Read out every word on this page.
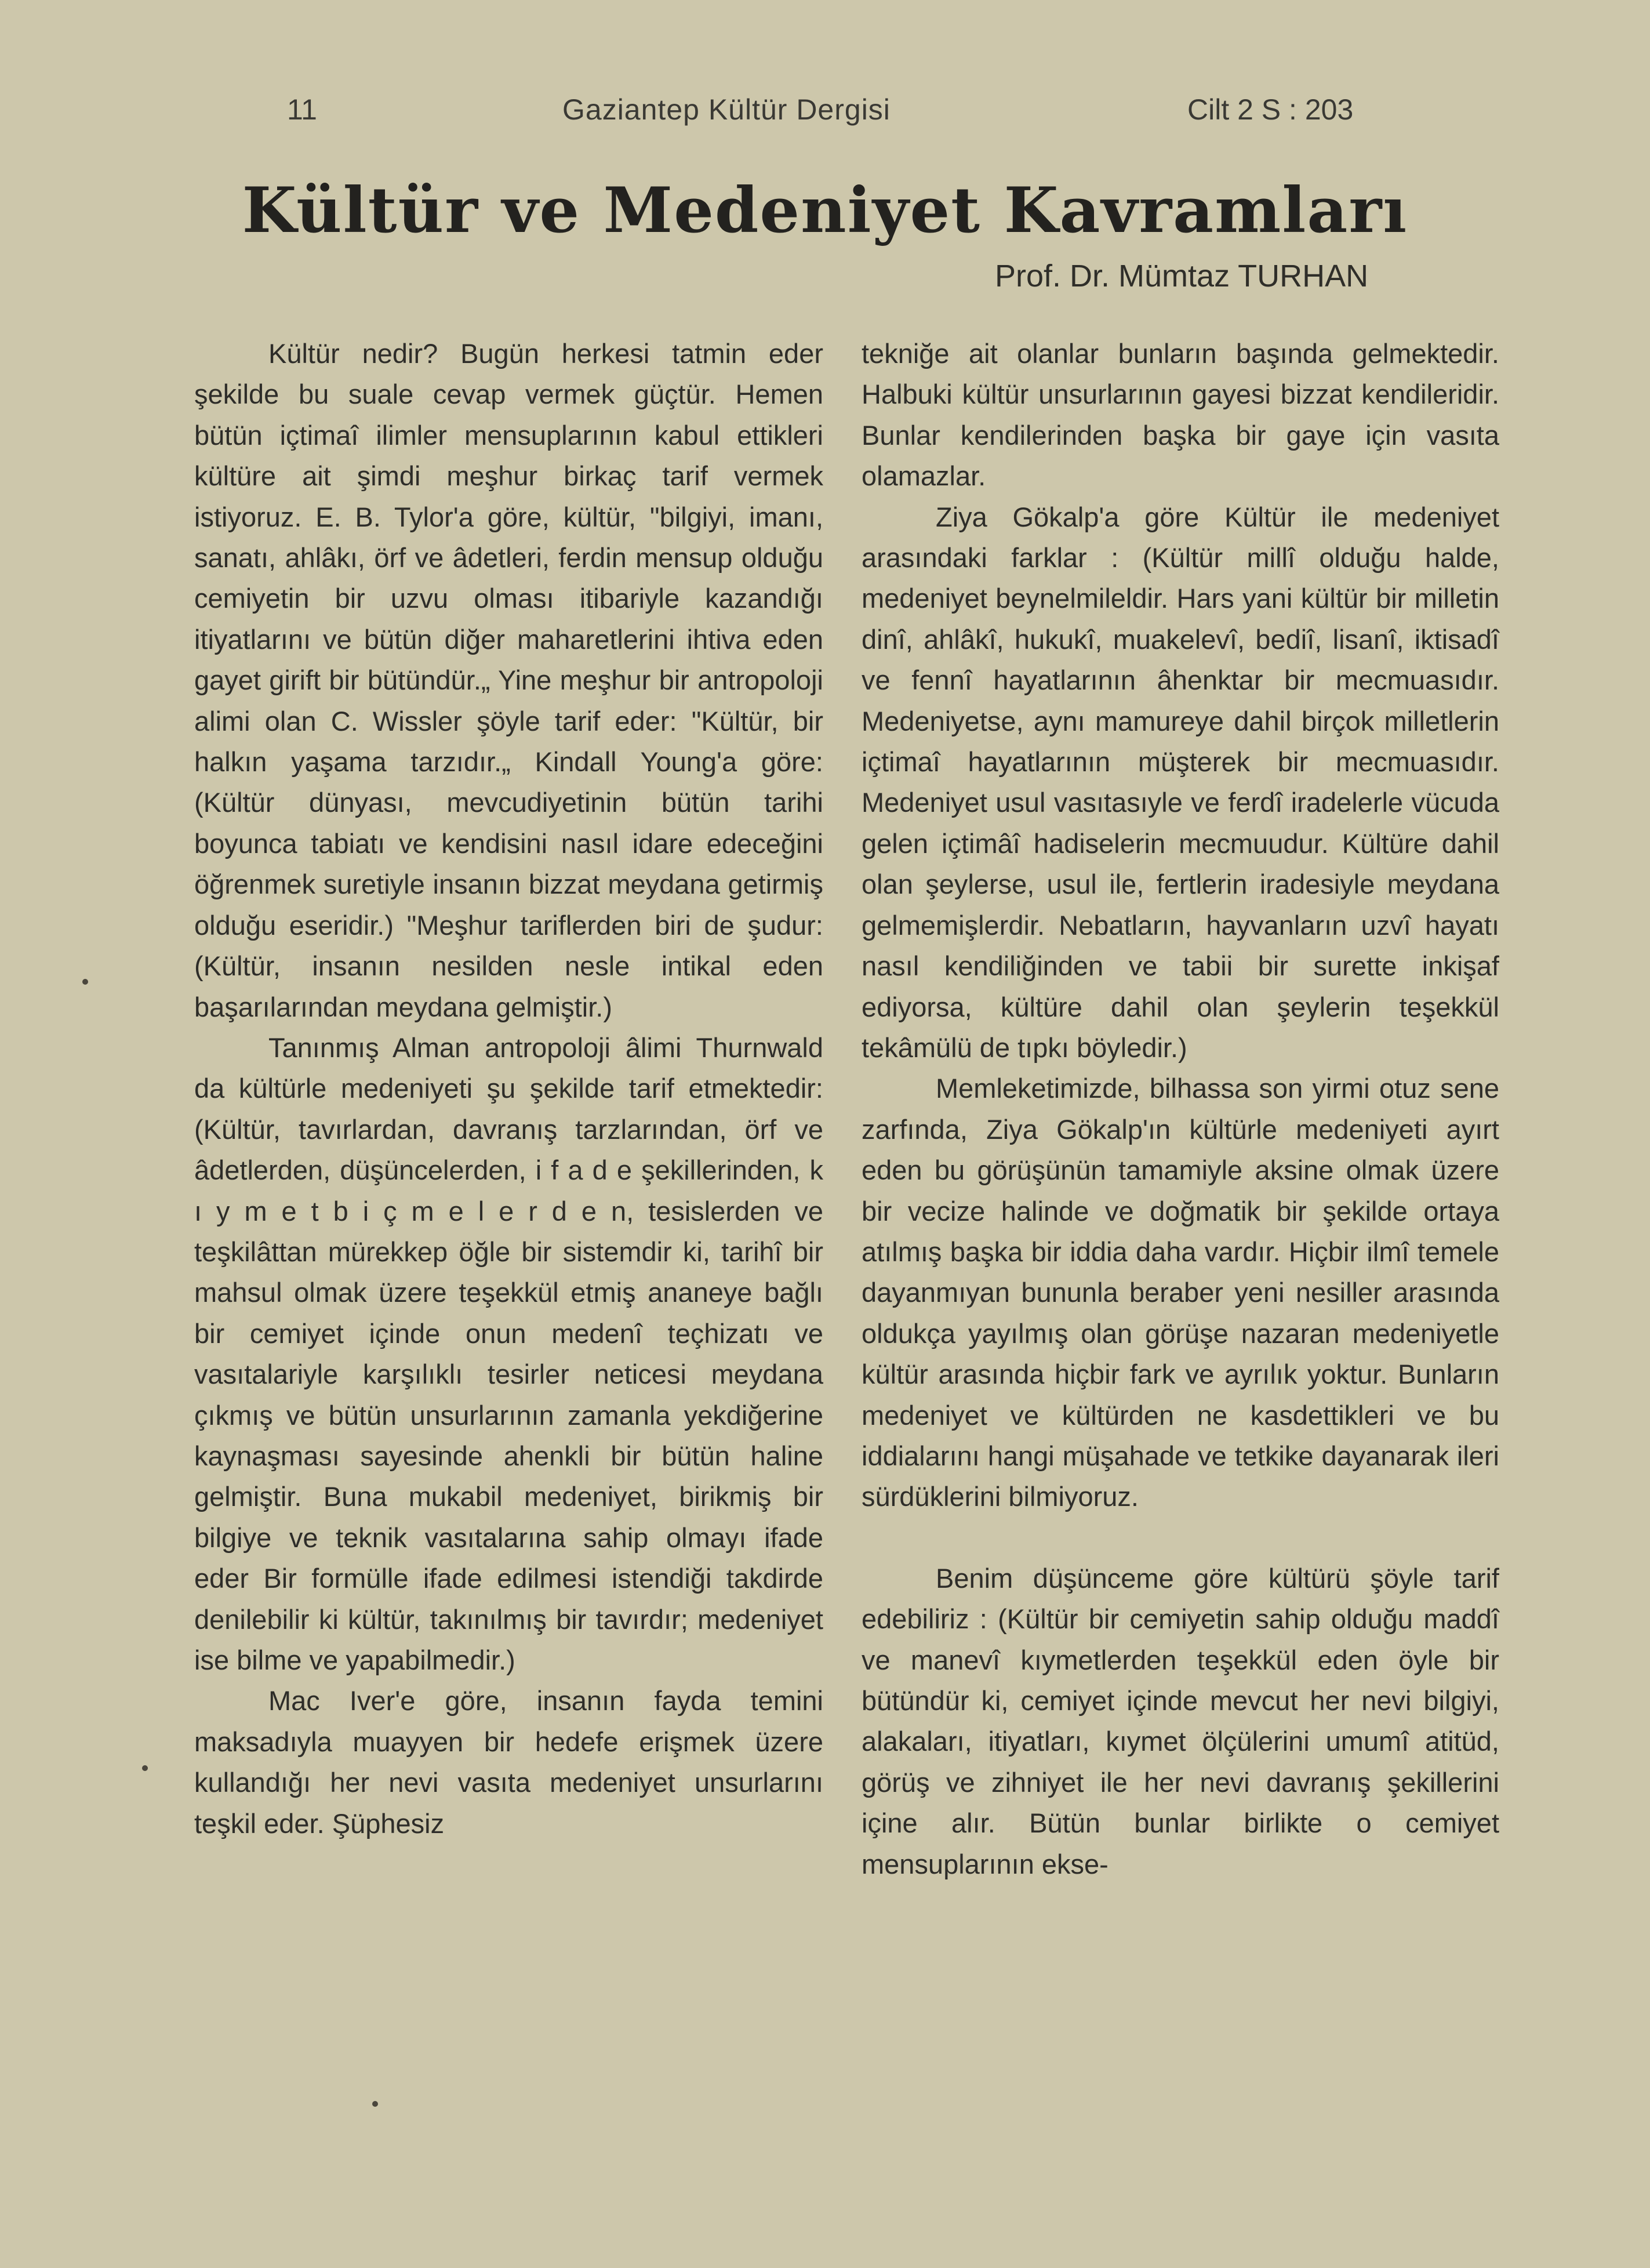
11	Gaziantep Kültür Dergisi	Cilt 2 S : 203
Kültür ve Medeniyet Kavramları
Prof. Dr. Mümtaz TURHAN

Kültür nedir? Bugün herkesi tatmin eder şekilde bu suale cevap vermek güçtür. Hemen bütün içtimaî ilimler mensuplarının kabul ettikleri kültüre ait şimdi meşhur birkaç tarif vermek istiyoruz. E. B. Tylor'a göre, kültür, "bilgiyi, imanı, sanatı, ahlâkı, örf ve âdetleri, ferdin mensup olduğu cemiyetin bir uzvu olması itibariyle kazandığı itiyatlarını ve bütün diğer maharetlerini ihtiva eden gayet girift bir bütündür.„ Yine meşhur bir antropoloji alimi olan C. Wissler şöyle tarif eder: "Kültür, bir halkın yaşama tarzıdır.„ Kindall Young'a göre: (Kültür dünyası, mevcudiyetinin bütün tarihi boyunca tabiatı ve kendisini nasıl idare edeceğini öğrenmek suretiyle insanın bizzat meydana getirmiş olduğu eseridir.) "Meşhur tariflerden biri de şudur: (Kültür, insanın nesilden nesle intikal eden başarılarından meydana gelmiştir.)

Tanınmış Alman antropoloji âlimi Thurnwald da kültürle medeniyeti şu şekilde tarif etmektedir: (Kültür, tavırlardan, davranış tarzlarından, örf ve âdetlerden, düşüncelerden, i f a d e şekillerinden, k ı y m e t b i ç m e l e r d e n, tesislerden ve teşkilâttan mürekkep öğle bir sistemdir ki, tarihî bir mahsul olmak üzere teşekkül etmiş ananeye bağlı bir cemiyet içinde onun medenî teçhizatı ve vasıtalariyle karşılıklı tesirler neticesi meydana çıkmış ve bütün unsurlarının zamanla yekdiğerine kaynaşması sayesinde ahenkli bir bütün haline gelmiştir. Buna mukabil medeniyet, birikmiş bir bilgiye ve teknik vasıtalarına sahip olmayı ifade eder Bir formülle ifade edilmesi istendiği takdirde denilebilir ki kültür, takınılmış bir tavırdır; medeniyet ise bilme ve yapabilmedir.)

Mac Iver'e göre, insanın fayda temini maksadıyla muayyen bir hedefe erişmek üzere kullandığı her nevi vasıta medeniyet unsurlarını teşkil eder. Şüphesiz

tekniğe ait olanlar bunların başında gelmektedir. Halbuki kültür unsurlarının gayesi bizzat kendileridir. Bunlar kendilerinden başka bir gaye için vasıta olamazlar.

Ziya Gökalp'a göre Kültür ile medeniyet arasındaki farklar : (Kültür millî olduğu halde, medeniyet beynelmileldir. Hars yani kültür bir milletin dinî, ahlâkî, hukukî, muakelevî, bediî, lisanî, iktisadî ve fennî hayatlarının âhenktar bir mecmuasıdır. Medeniyetse, aynı mamureye dahil birçok milletlerin içtimaî hayatlarının müşterek bir mecmuasıdır. Medeniyet usul vasıtasıyle ve ferdî iradelerle vücuda gelen içtimâî hadiselerin mecmuudur. Kültüre dahil olan şeylerse, usul ile, fertlerin iradesiyle meydana gelmemişlerdir. Nebatların, hayvanların uzvî hayatı nasıl kendiliğinden ve tabii bir surette inkişaf ediyorsa, kültüre dahil olan şeylerin teşekkül tekâmülü de tıpkı böyledir.)

Memleketimizde, bilhassa son yirmi otuz sene zarfında, Ziya Gökalp'ın kültürle medeniyeti ayırt eden bu görüşünün tamamiyle aksine olmak üzere bir vecize halinde ve doğmatik bir şekilde ortaya atılmış başka bir iddia daha vardır. Hiçbir ilmî temele dayanmıyan bununla beraber yeni nesiller arasında oldukça yayılmış olan görüşe nazaran medeniyetle kültür arasında hiçbir fark ve ayrılık yoktur. Bunların medeniyet ve kültürden ne kasdettikleri ve bu iddialarını hangi müşahade ve tetkike dayanarak ileri sürdüklerini bilmiyoruz.

Benim düşünceme göre kültürü şöyle tarif edebiliriz : (Kültür bir cemiyetin sahip olduğu maddî ve manevî kıymetlerden teşekkül eden öyle bir bütündür ki, cemiyet içinde mevcut her nevi bilgiyi, alakaları, itiyatları, kıymet ölçülerini umumî atitüd, görüş ve zihniyet ile her nevi davranış şekillerini içine alır. Bütün bunlar birlikte o cemiyet mensuplarının ekse-
